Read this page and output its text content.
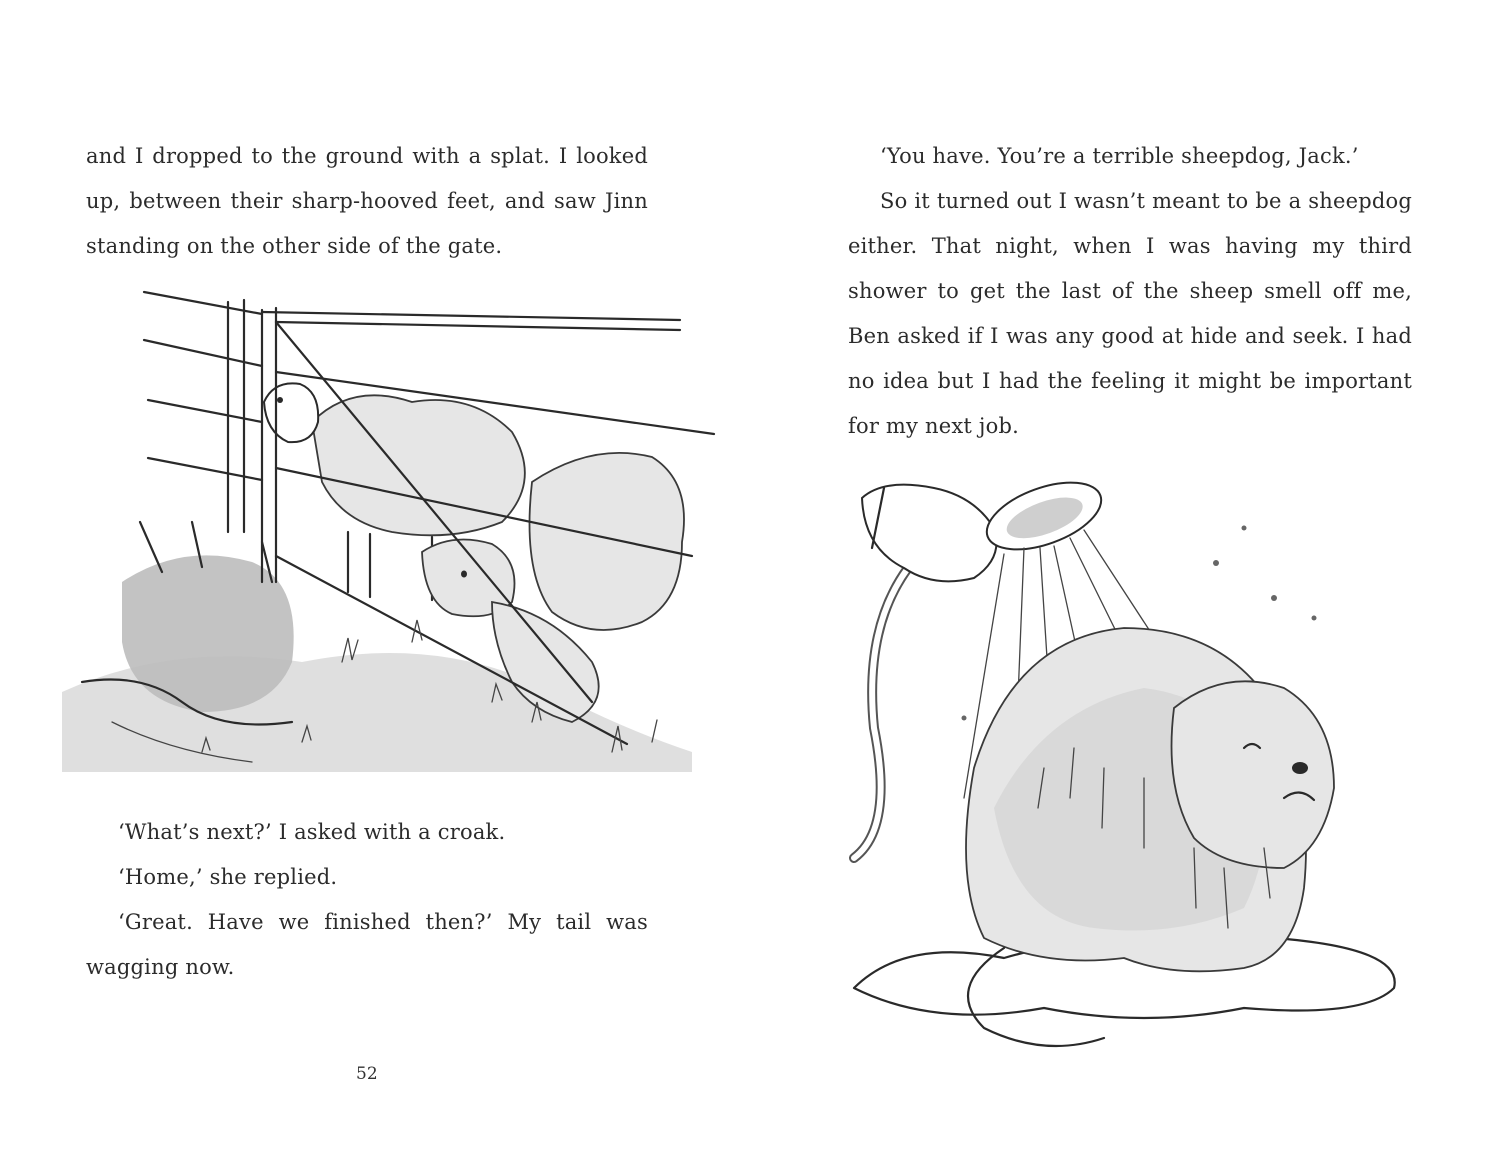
and I dropped to the ground with a splat. I looked up, between their sharp-hooved feet, and saw Jinn standing on the other side of the gate.

‘What’s next?’ I asked with a croak.

‘Home,’ she replied.

‘Great. Have we finished then?’ My tail was wagging now.

52

‘You have. You’re a terrible sheepdog, Jack.’

So it turned out I wasn’t meant to be a sheepdog either. That night, when I was having my third shower to get the last of the sheep smell off me, Ben asked if I was any good at hide and seek. I had no idea but I had the feeling it might be important for my next job.
